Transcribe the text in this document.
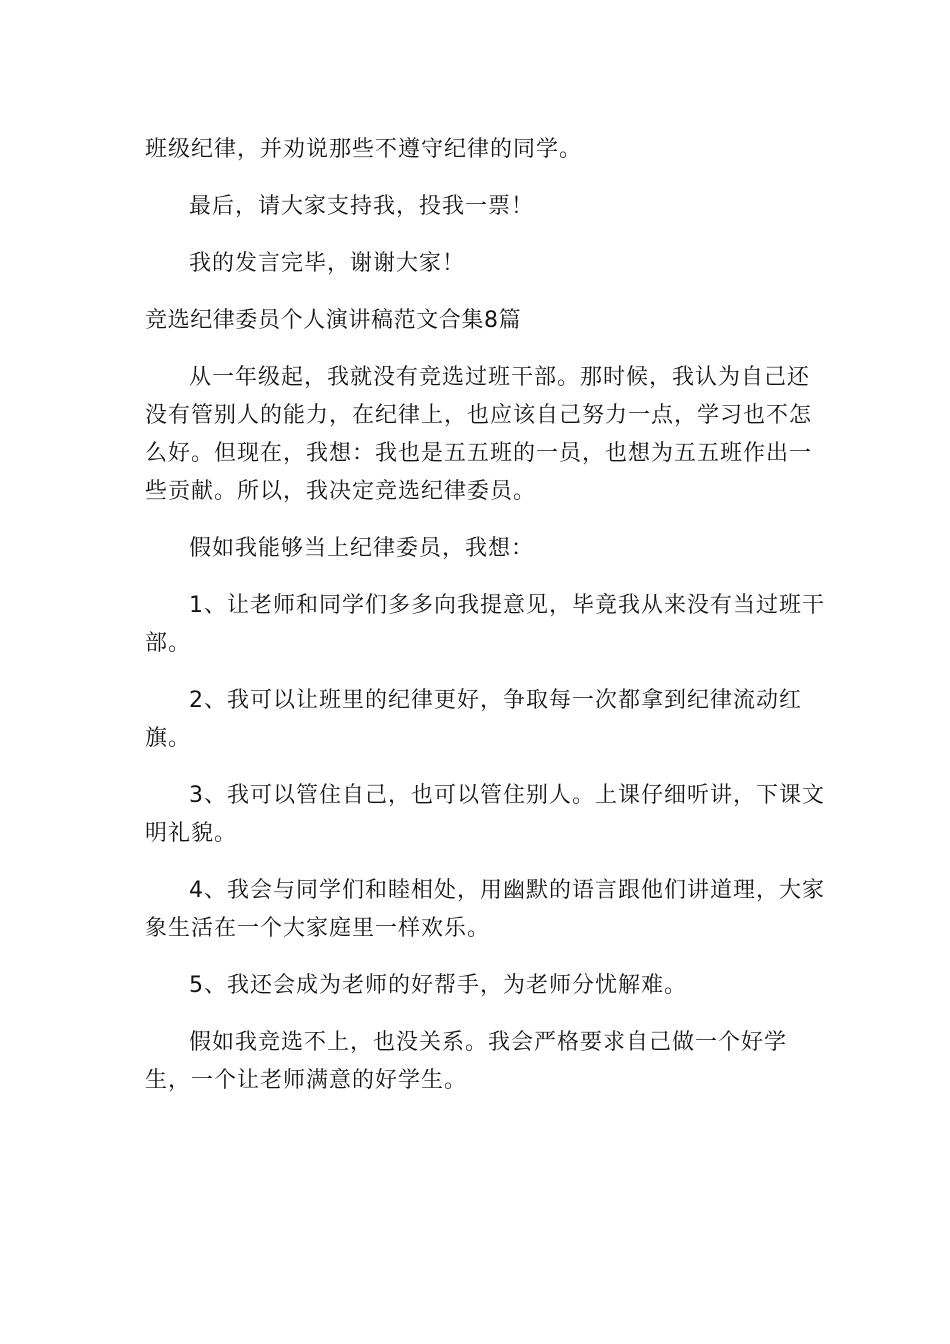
班级纪律，并劝说那些不遵守纪律的同学。

最后，请大家支持我，投我一票！

我的发言完毕，谢谢大家！

竞选纪律委员个人演讲稿范文合集8篇

从一年级起，我就没有竞选过班干部。那时候，我认为自己还没有管别人的能力，在纪律上，也应该自己努力一点，学习也不怎么好。但现在，我想：我也是五五班的一员，也想为五五班作出一些贡献。所以，我决定竞选纪律委员。

假如我能够当上纪律委员，我想：

1、让老师和同学们多多向我提意见，毕竟我从来没有当过班干部。

2、我可以让班里的纪律更好，争取每一次都拿到纪律流动红旗。

3、我可以管住自己，也可以管住别人。上课仔细听讲，下课文明礼貌。

4、我会与同学们和睦相处，用幽默的语言跟他们讲道理，大家象生活在一个大家庭里一样欢乐。

5、我还会成为老师的好帮手，为老师分忧解难。

假如我竞选不上，也没关系。我会严格要求自己做一个好学生，一个让老师满意的好学生。
